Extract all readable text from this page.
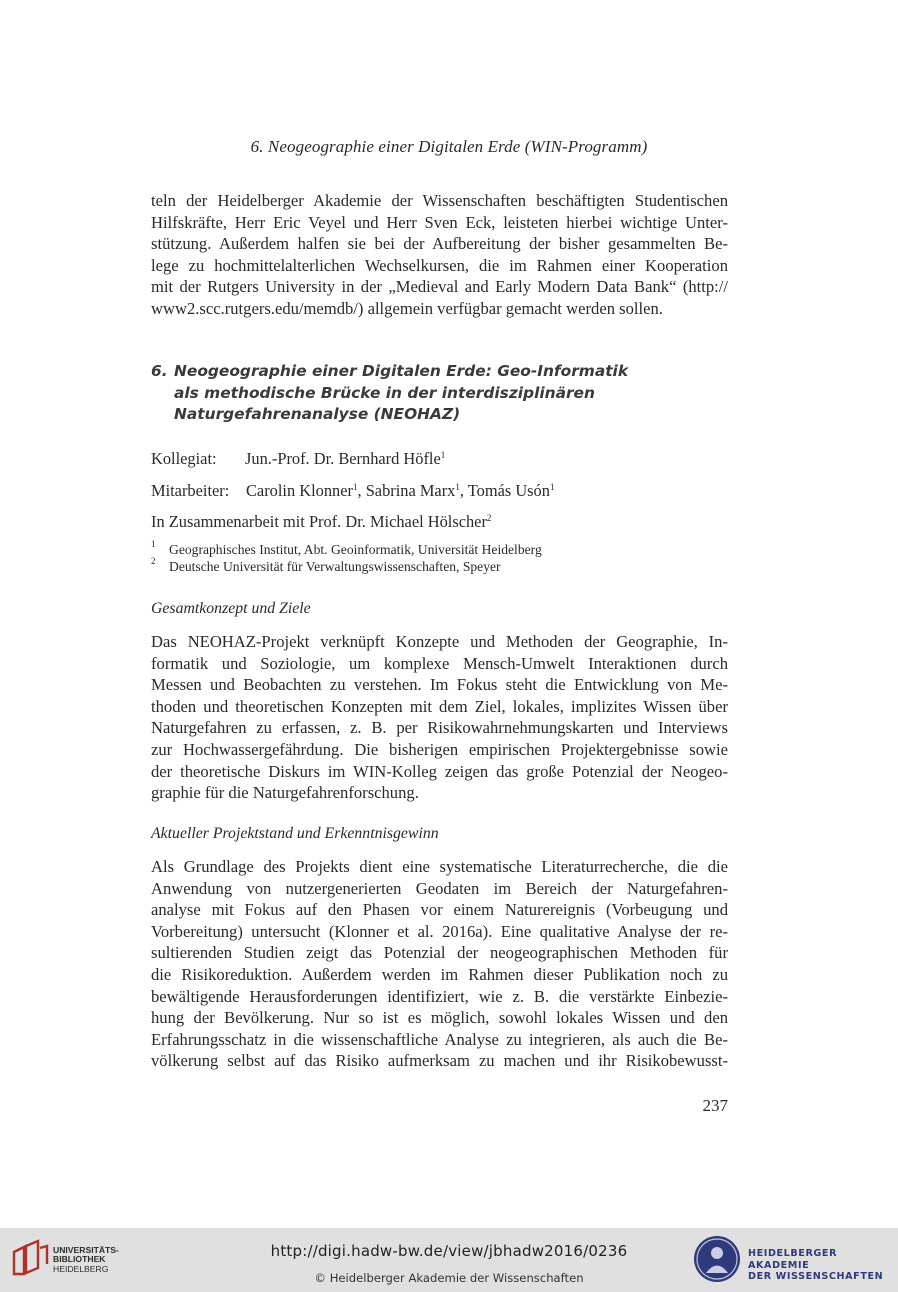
6. Neogeographie einer Digitalen Erde (WIN-Programm)
teln der Heidelberger Akademie der Wissenschaften beschäftigten Studentischen
Hilfskräfte, Herr Eric Veyel und Herr Sven Eck, leisteten hierbei wichtige Unter-
stützung. Außerdem halfen sie bei der Aufbereitung der bisher gesammelten Be-
lege zu hochmittelalterlichen Wechselkursen, die im Rahmen einer Kooperation
mit der Rutgers University in der „Medieval and Early Modern Data Bank“ (http://
www2.scc.rutgers.edu/memdb/) allgemein verfügbar gemacht werden sollen.
6. Neogeographie einer Digitalen Erde: Geo-Informatik
als methodische Brücke in der interdisziplinären
Naturgefahrenanalyse (NEOHAZ)
Kollegiat: Jun.-Prof. Dr. Bernhard Höfle$^1$
Mitarbeiter: Carolin Klonner$^1$, Sabrina Marx$^1$, Tomás Usón$^1$
In Zusammenarbeit mit Prof. Dr. Michael Hölscher$^2$
1 Geographisches Institut, Abt. Geoinformatik, Universität Heidelberg
2 Deutsche Universität für Verwaltungswissenschaften, Speyer
Gesamtkonzept und Ziele
Das NEOHAZ-Projekt verknüpft Konzepte und Methoden der Geographie, In-
formatik und Soziologie, um komplexe Mensch-Umwelt Interaktionen durch
Messen und Beobachten zu verstehen. Im Fokus steht die Entwicklung von Me-
thoden und theoretischen Konzepten mit dem Ziel, lokales, implizites Wissen über
Naturgefahren zu erfassen, z. B. per Risikowahrnehmungskarten und Interviews
zur Hochwassergefährdung. Die bisherigen empirischen Projektergebnisse sowie
der theoretische Diskurs im WIN-Kolleg zeigen das große Potenzial der Neogeo-
graphie für die Naturgefahrenforschung.
Aktueller Projektstand und Erkenntnisgewinn
Als Grundlage des Projekts dient eine systematische Literaturrecherche, die die
Anwendung von nutzergenerierten Geodaten im Bereich der Naturgefahren-
analyse mit Fokus auf den Phasen vor einem Naturereignis (Vorbeugung und
Vorbereitung) untersucht (Klonner et al. 2016a). Eine qualitative Analyse der re-
sultierenden Studien zeigt das Potenzial der neogeographischen Methoden für
die Risikoreduktion. Außerdem werden im Rahmen dieser Publikation noch zu
bewältigende Herausforderungen identifiziert, wie z. B. die verstärkte Einbezie-
hung der Bevölkerung. Nur so ist es möglich, sowohl lokales Wissen und den
Erfahrungsschatz in die wissenschaftliche Analyse zu integrieren, als auch die Be-
völkerung selbst auf das Risiko aufmerksam zu machen und ihr Risikobewusst-
237
UNIVERSITÄTS-
BIBLIOTHEK
HEIDELBERG
http://digi.hadw-bw.de/view/jbhadw2016/0236
© Heidelberger Akademie der Wissenschaften
HEIDELBERGER AKADEMIE
DER WISSENSCHAFTEN
